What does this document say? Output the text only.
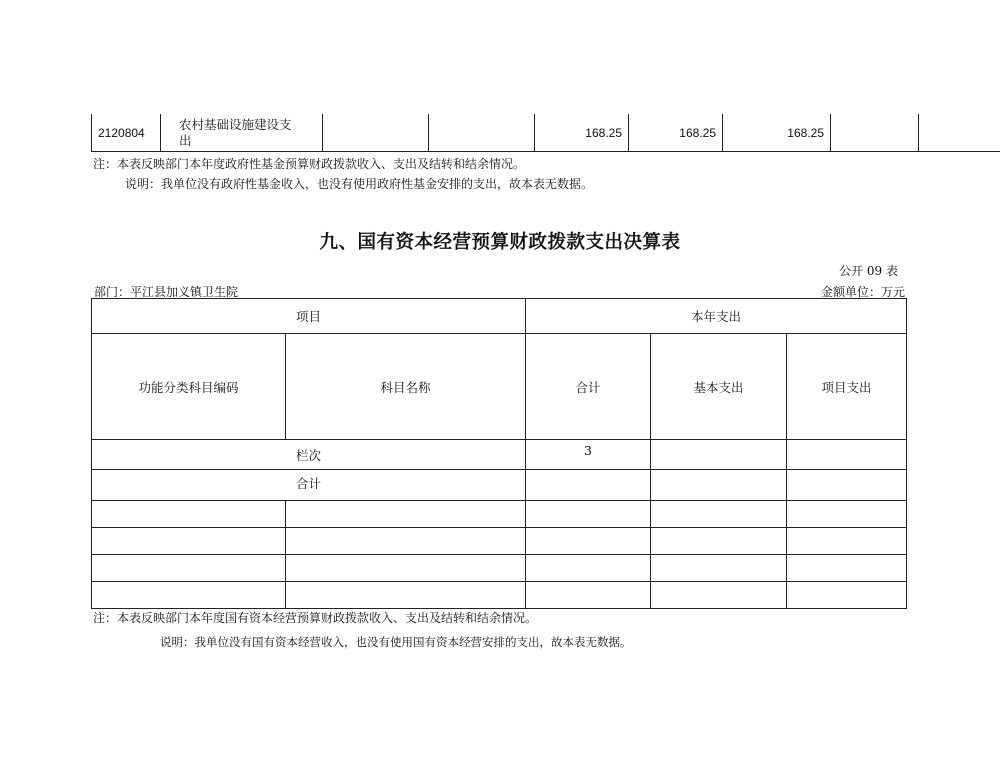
2120804	农村基础设施建设支
出			168.25	168.25	168.25		
注：本表反映部门本年度政府性基金预算财政拨款收入、支出及结转和结余情况。
说明：我单位没有政府性基金收入，也没有使用政府性基金安排的支出，故本表无数据。
九、国有资本经营预算财政拨款支出决算表
公开 09 表
部门：平江县加义镇卫生院	金额单位：万元
项目		本年支出		
功能分类科目编码	科目名称	合计	基本支出	项目支出
栏次		3		
合计				

注：本表反映部门本年度国有资本经营预算财政拨款收入、支出及结转和结余情况。
说明：我单位没有国有资本经营收入，也没有使用国有资本经营安排的支出，故本表无数据。
